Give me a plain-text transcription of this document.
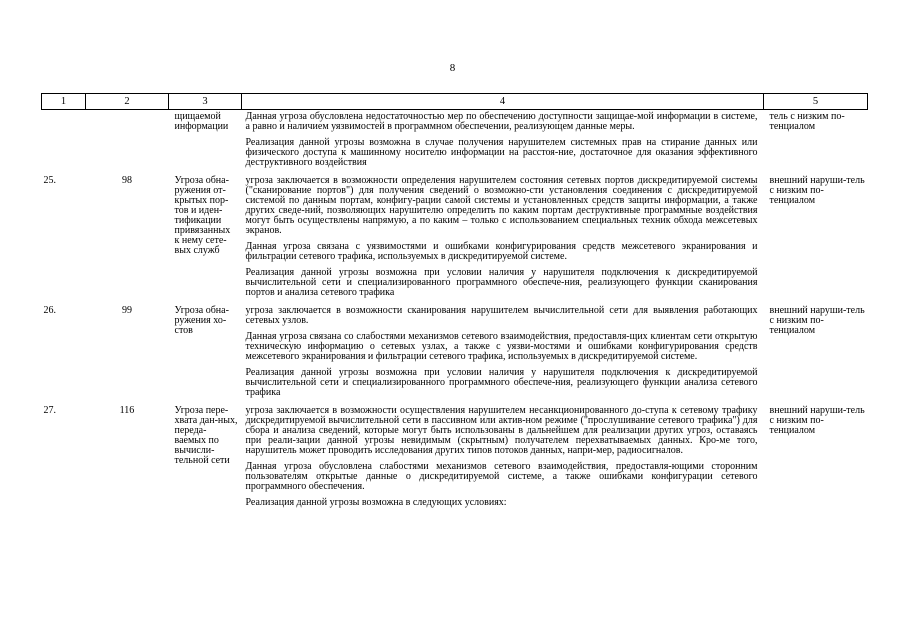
8
1	2	3	4	5
		щищаемой информации	Данная угроза обусловлена недостаточностью мер по обеспечению доступности защищае-мой информации в системе, а равно и наличием уязвимостей в программном обеспечении, реализующем данные меры.
Реализация данной угрозы возможна в случае получения нарушителем системных прав на стирание данных или физического доступа к машинному носителю информации на расстоя-ние, достаточное для оказания эффективного деструктивного воздействия	тель с низким по-тенциалом
25.	98	Угроза обна-ружения от-крытых пор-тов и иден-тификации привязанных к нему сете-вых служб	угроза заключается в возможности определения нарушителем состояния сетевых портов дискредитируемой системы ("сканирование портов") для получения сведений о возможно-сти установления соединения с дискредитируемой системой по данным портам, конфигу-рации самой системы и установленных средств защиты информации, а также других сведе-ний, позволяющих нарушителю определить по каким портам деструктивные программные воздействия могут быть осуществлены напрямую, а по каким – только с использованием специальных техник обхода межсетевых экранов.
Данная угроза связана с уязвимостями и ошибками конфигурирования средств межсетевого экранирования и фильтрации сетевого трафика, используемых в дискредитируемой системе.
Реализация данной угрозы возможна при условии наличия у нарушителя подключения к дискредитируемой вычислительной сети и специализированного программного обеспече-ния, реализующего функции сканирования портов и анализа сетевого трафика	внешний наруши-тель с низким по-тенциалом
26.	99	Угроза обна-ружения хо-стов	угроза заключается в возможности сканирования нарушителем вычислительной сети для выявления работающих сетевых узлов.
Данная угроза связана со слабостями механизмов сетевого взаимодействия, предоставля-щих клиентам сети открытую техническую информацию о сетевых узлах, а также с уязви-мостями и ошибками конфигурирования средств межсетевого экранирования и фильтрации сетевого трафика, используемых в дискредитируемой системе.
Реализация данной угрозы возможна при условии наличия у нарушителя подключения к дискредитируемой вычислительной сети и специализированного программного обеспече-ния, реализующего функции анализа сетевого трафика	внешний наруши-тель с низким по-тенциалом
27.	116	Угроза пере-хвата дан-ных, переда-ваемых по вычисли-тельной сети	угроза заключается в возможности осуществления нарушителем несанкционированного до-ступа к сетевому трафику дискредитируемой вычислительной сети в пассивном или актив-ном режиме ("прослушивание сетевого трафика") для сбора и анализа сведений, которые могут быть использованы в дальнейшем для реализации других угроз, оставаясь при реали-зации данной угрозы невидимым (скрытным) получателем перехватываемых данных. Кро-ме того, нарушитель может проводить исследования других типов потоков данных, напри-мер, радиосигналов.
Данная угроза обусловлена слабостями механизмов сетевого взаимодействия, предоставля-ющими сторонним пользователям открытые данные о дискредитируемой системе, а также ошибками конфигурации сетевого программного обеспечения.
Реализация данной угрозы возможна в следующих условиях:	внешний наруши-тель с низким по-тенциалом
